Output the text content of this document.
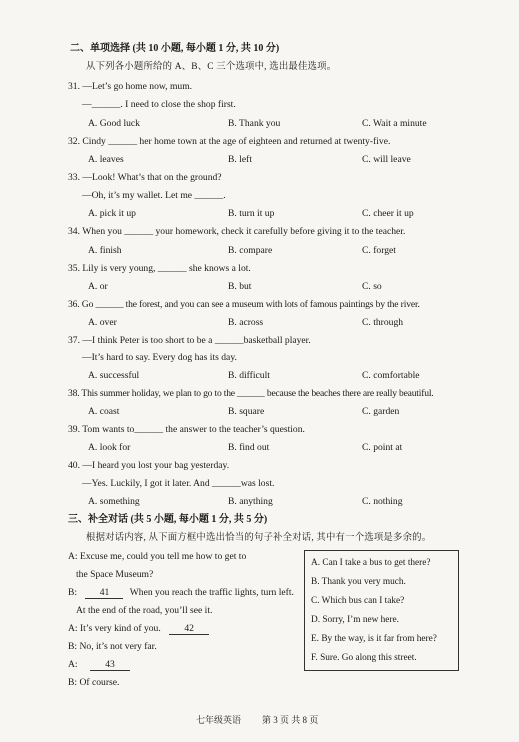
二、单项选择 (共 10 小题, 每小题 1 分, 共 10 分)
从下列各小题所给的 A、B、C 三个选项中, 选出最佳选项。
31. —Let’s go home now, mum.
—______. I need to close the shop first.
A. Good luck	B. Thank you	C. Wait a minute
32. Cindy ______ her home town at the age of eighteen and returned at twenty-five.
A. leaves	B. left	C. will leave
33. —Look! What’s that on the ground?
—Oh, it’s my wallet. Let me ______.
A. pick it up	B. turn it up	C. cheer it up
34. When you ______ your homework, check it carefully before giving it to the teacher.
A. finish	B. compare	C. forget
35. Lily is very young, ______ she knows a lot.
A. or	B. but	C. so
36. Go ______ the forest, and you can see a museum with lots of famous paintings by the river.
A. over	B. across	C. through
37. —I think Peter is too short to be a ______basketball player.
—It’s hard to say. Every dog has its day.
A. successful	B. difficult	C. comfortable
38. This summer holiday, we plan to go to the ______ because the beaches there are really beautiful.
A. coast	B. square	C. garden
39. Tom wants to______ the answer to the teacher’s question.
A. look for	B. find out	C. point at
40. —I heard you lost your bag yesterday.
—Yes. Luckily, I got it later. And ______was lost.
A. something	B. anything	C. nothing
三、补全对话 (共 5 小题, 每小题 1 分, 共 5 分)
根据对话内容, 从下面方框中选出恰当的句子补全对话, 其中有一个选项是多余的。
A: Excuse me, could you tell me how to get to
the Space Museum?
B: 41 When you reach the traffic lights, turn left.
At the end of the road, you’ll see it.
A: It’s very kind of you. 42
B: No, it’s not very far.
A:	43
B: Of course.
A. Can I take a bus to get there?
B. Thank you very much.
C. Which bus can I take?
D. Sorry, I’m new here.
E. By the way, is it far from here?
F. Sure. Go along this street.
七年级英语 第 3 页 共 8 页
